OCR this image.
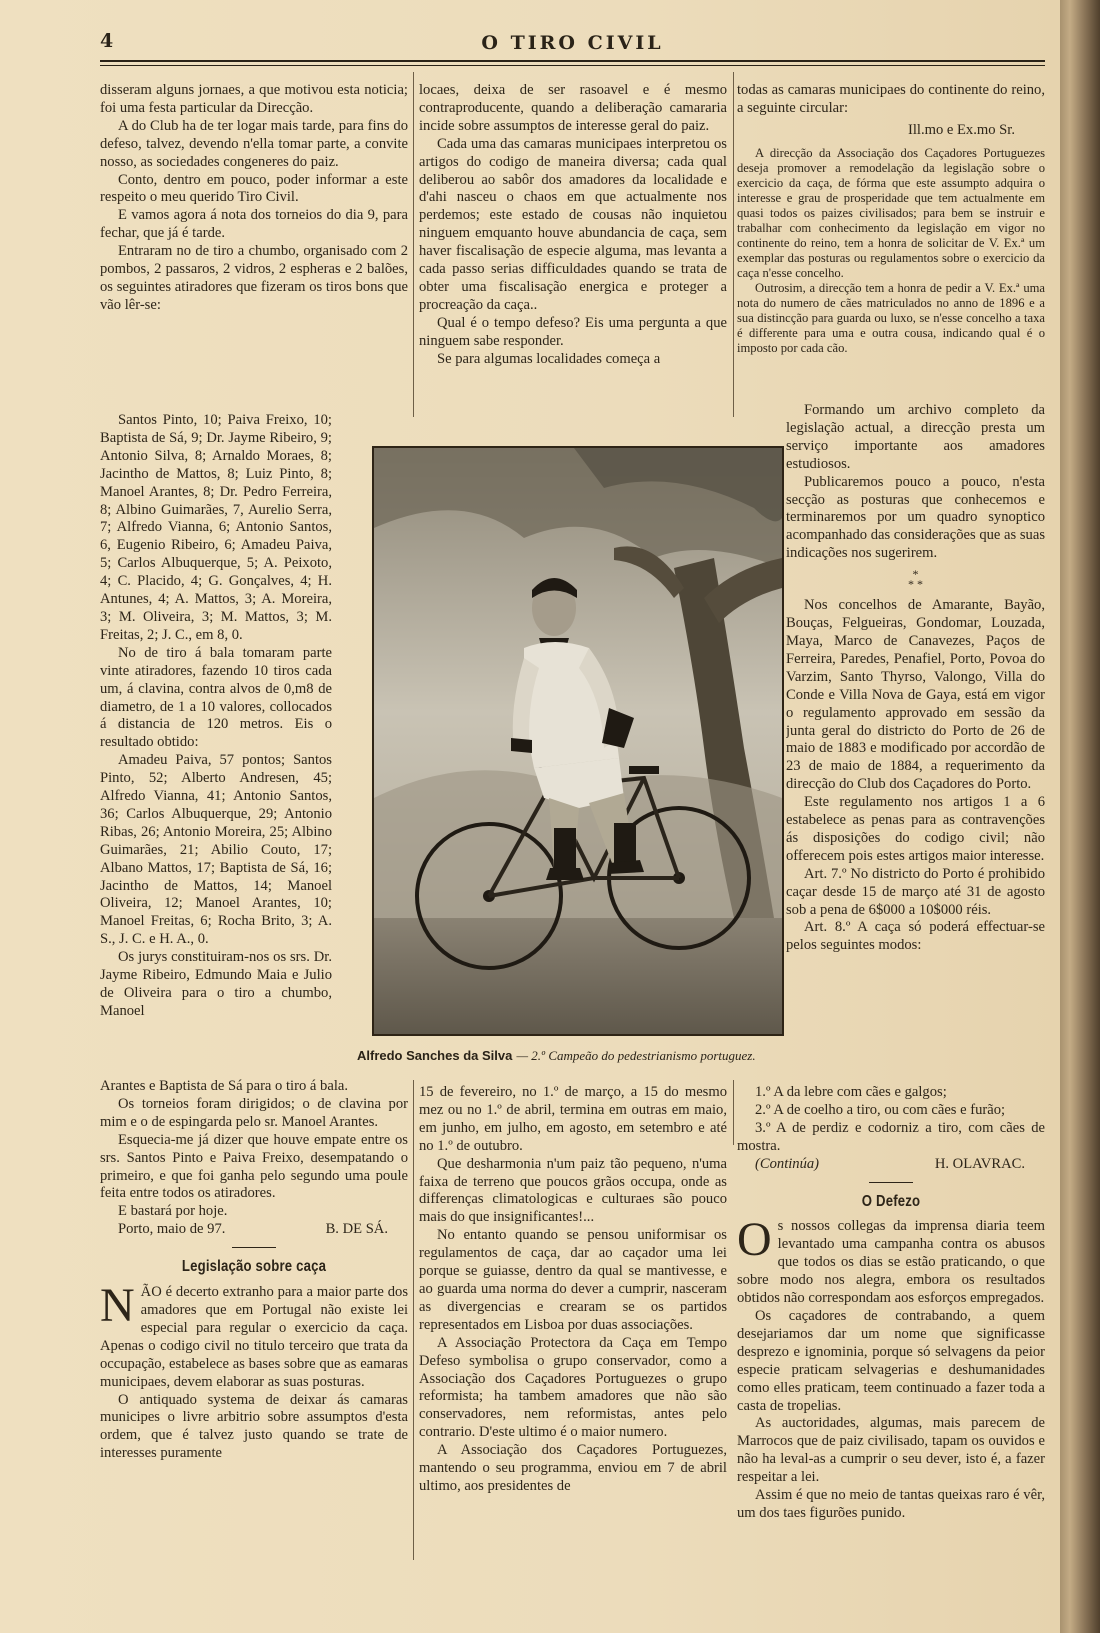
4	O TIRO CIVIL

disseram alguns jornaes, a que motivou esta noticia; foi uma festa particular da Direcção.

A do Club ha de ter logar mais tarde, para fins do defeso, talvez, devendo n'ella tomar parte, a convite nosso, as sociedades congeneres do paiz.

Conto, dentro em pouco, poder informar a este respeito o meu querido Tiro Civil.

E vamos agora á nota dos torneios do dia 9, para fechar, que já é tarde.

Entraram no de tiro a chumbo, organisado com 2 pombos, 2 passaros, 2 vidros, 2 espheras e 2 balões, os seguintes atiradores que fizeram os tiros bons que vão lêr-se:

Santos Pinto, 10; Paiva Freixo, 10; Baptista de Sá, 9; Dr. Jayme Ribeiro, 9; Antonio Silva, 8; Arnaldo Moraes, 8; Jacintho de Mattos, 8; Luiz Pinto, 8; Manoel Arantes, 8; Dr. Pedro Ferreira, 8; Albino Guimarães, 7, Aurelio Serra, 7; Alfredo Vianna, 6; Antonio Santos, 6, Eugenio Ribeiro, 6; Amadeu Paiva, 5; Carlos Albuquerque, 5; A. Peixoto, 4; C. Placido, 4; G. Gonçalves, 4; H. Antunes, 4; A. Mattos, 3; A. Moreira, 3; M. Oliveira, 3; M. Mattos, 3; M. Freitas, 2; J. C., em 8, 0.

No de tiro á bala tomaram parte vinte atiradores, fazendo 10 tiros cada um, á clavina, contra alvos de 0,m8 de diametro, de 1 a 10 valores, collocados á distancia de 120 metros. Eis o resultado obtido:

Amadeu Paiva, 57 pontos; Santos Pinto, 52; Alberto Andresen, 45; Alfredo Vianna, 41; Antonio Santos, 36; Carlos Albuquerque, 29; Antonio Ribas, 26; Antonio Moreira, 25; Albino Guimarães, 21; Abilio Couto, 17; Albano Mattos, 17; Baptista de Sá, 16; Jacintho de Mattos, 14; Manoel Oliveira, 12; Manoel Arantes, 10; Manoel Freitas, 6; Rocha Brito, 3; A. S., J. C. e H. A., 0.

Os jurys constituiram-nos os srs. Dr. Jayme Ribeiro, Edmundo Maia e Julio de Oliveira para o tiro a chumbo, Manoel

Arantes e Baptista de Sá para o tiro á bala.

Os torneios foram dirigidos; o de clavina por mim e o de espingarda pelo sr. Manoel Arantes.

Esquecia-me já dizer que houve empate entre os srs. Santos Pinto e Paiva Freixo, desempatando o primeiro, e que foi ganha pelo segundo uma poule feita entre todos os atiradores.

E bastará por hoje.

Porto, maio de 97.	B. DE SÁ.
Legislação sobre caça
N ÃO é decerto extranho para a maior parte dos amadores que em Portugal não existe lei especial para regular o exercicio da caça. Apenas o codigo civil no titulo terceiro que trata da occupação, estabelece as bases sobre que as eamaras municipaes, devem elaborar as suas posturas.

O antiquado systema de deixar ás camaras municipes o livre arbitrio sobre assumptos d'esta ordem, que é talvez justo quando se trate de interesses puramente

locaes, deixa de ser rasoavel e é mesmo contraproducente, quando a deliberação camararia incide sobre assumptos de interesse geral do paiz.

Cada uma das camaras municipaes interpretou os artigos do codigo de maneira diversa; cada qual deliberou ao sabôr dos amadores da localidade e d'ahi nasceu o chaos em que actualmente nos perdemos; este estado de cousas não inquietou ninguem emquanto houve abundancia de caça, sem haver fiscalisação de especie alguma, mas levanta a cada passo serias difficuldades quando se trata de obter uma fiscalisação energica e proteger a procreação da caça..

Qual é o tempo defeso? Eis uma pergunta a que ninguem sabe responder.

Se para algumas localidades começa a

15 de fevereiro, no 1.º de março, a 15 do mesmo mez ou no 1.º de abril, termina em outras em maio, em junho, em julho, em agosto, em setembro e até no 1.º de outubro.

Que desharmonia n'um paiz tão pequeno, n'uma faixa de terreno que poucos grãos occupa, onde as differenças climatologicas e culturaes são pouco mais do que insignificantes!...

No entanto quando se pensou uniformisar os regulamentos de caça, dar ao caçador uma lei porque se guiasse, dentro da qual se mantivesse, e ao guarda uma norma do dever a cumprir, nasceram as divergencias e crearam se os partidos representados em Lisboa por duas associações.

A Associação Protectora da Caça em Tempo Defeso symbolisa o grupo conservador, como a Associação dos Caçadores Portuguezes o grupo reformista; ha tambem amadores que não são conservadores, nem reformistas, antes pelo contrario. D'este ultimo é o maior numero.

A Associação dos Caçadores Portuguezes, mantendo o seu programma, enviou em 7 de abril ultimo, aos presidentes de

todas as camaras municipaes do continente do reino, a seguinte circular:

Ill.mo e Ex.mo Sr.

A direcção da Associação dos Caçadores Portuguezes deseja promover a remodelação da legislação sobre o exercicio da caça, de fórma que este assumpto adquira o interesse e grau de prosperidade que tem actualmente em quasi todos os paizes civilisados; para bem se instruir e trabalhar com conhecimento da legislação em vigor no continente do reino, tem a honra de solicitar de V. Ex.ª um exemplar das posturas ou regulamentos sobre o exercicio da caça n'esse concelho.

Outrosim, a direcção tem a honra de pedir a V. Ex.ª uma nota do numero de cães matriculados no anno de 1896 e a sua distincção para guarda ou luxo, se n'esse concelho a taxa é differente para uma e outra cousa, indicando qual é o imposto por cada cão.

Formando um archivo completo da legislação actual, a direcção presta um serviço importante aos amadores estudiosos.

Publicaremos pouco a pouco, n'esta secção as posturas que conhecemos e terminaremos por um quadro synoptico acompanhado das considerações que as suas indicações nos sugerirem.

*
* *

Nos concelhos de Amarante, Bayão, Bouças, Felgueiras, Gondomar, Louzada, Maya, Marco de Canavezes, Paços de Ferreira, Paredes, Penafiel, Porto, Povoa do Varzim, Santo Thyrso, Valongo, Villa do Conde e Villa Nova de Gaya, está em vigor o regulamento approvado em sessão da junta geral do districto do Porto de 26 de maio de 1883 e modificado por accordão de 23 de maio de 1884, a requerimento da direcção do Club dos Caçadores do Porto.

Este regulamento nos artigos 1 a 6 estabelece as penas para as contravenções ás disposições do codigo civil; não offerecem pois estes artigos maior interesse.

Art. 7.º No districto do Porto é prohibido caçar desde 15 de março até 31 de agosto sob a pena de 6$000 a 10$000 réis.

Art. 8.º A caça só poderá effectuar-se pelos seguintes modos:

1.º A da lebre com cães e galgos;

2.º A de coelho a tiro, ou com cães e furão;

3.º A de perdiz e codorniz a tiro, com cães de mostra.

(Continúa)	H. OLAVRAC.
O Defezo
O s nossos collegas da imprensa diaria teem levantado uma campanha contra os abusos que todos os dias se estão praticando, o que sobre modo nos alegra, embora os resultados obtidos não correspondam aos esforços empregados.

Os caçadores de contrabando, a quem desejariamos dar um nome que significasse desprezo e ignominia, porque só selvagens da peior especie praticam selvagerias e deshumanidades como elles praticam, teem continuado a fazer toda a casta de tropelias.

As auctoridades, algumas, mais parecem de Marrocos que de paiz civilisado, tapam os ouvidos e não ha leval-as a cumprir o seu dever, isto é, a fazer respeitar a lei.

Assim é que no meio de tantas queixas raro é vêr, um dos taes figurões punido.

Alfredo Sanches da Silva — 2.º Campeão do pedestrianismo portuguez.
